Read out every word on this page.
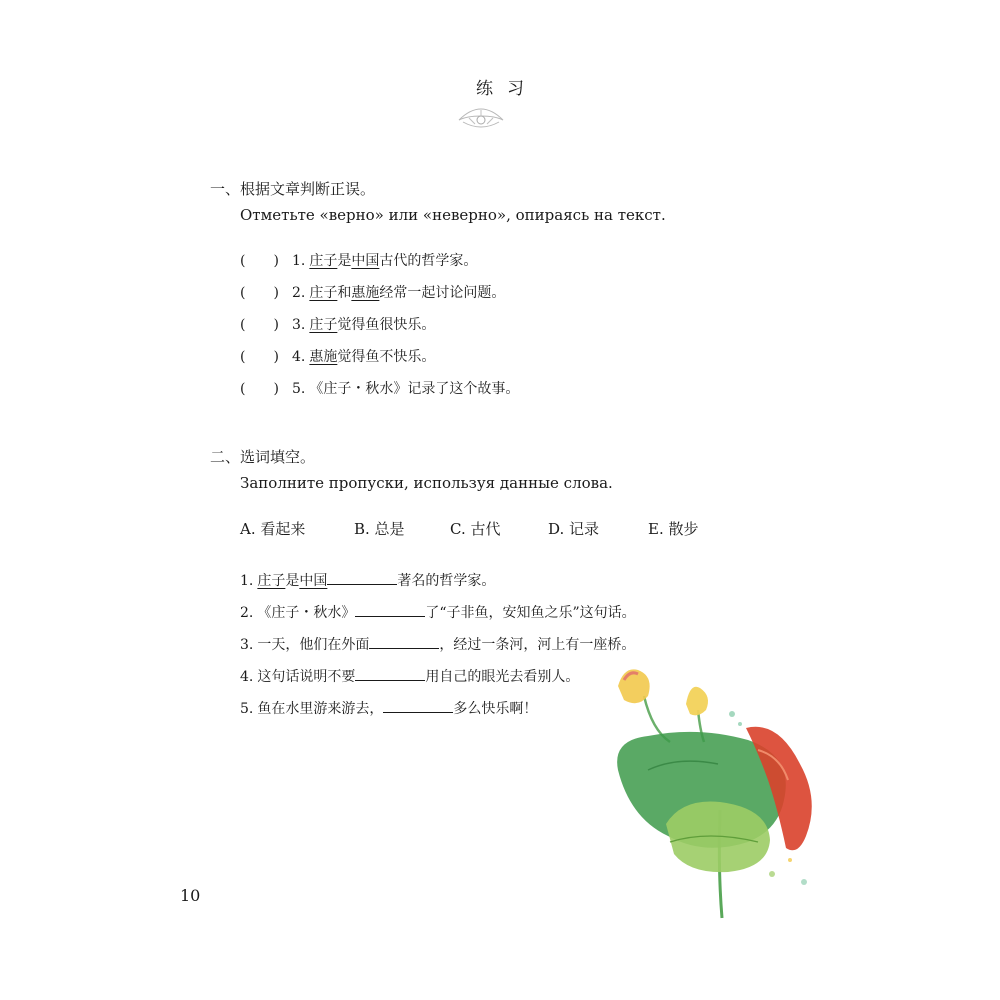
练习
一、根据文章判断正误。
Отметьте «верно» или «неверно», опираясь на текст.
(　　) 1. 庄子是中国古代的哲学家。
(　　) 2. 庄子和惠施经常一起讨论问题。
(　　) 3. 庄子觉得鱼很快乐。
(　　) 4. 惠施觉得鱼不快乐。
(　　) 5. 《庄子・秋水》记录了这个故事。
二、选词填空。
Заполните пропуски, используя данные слова.
A. 看起来	B. 总是	C. 古代	D. 记录	E. 散步
1. 庄子是中国	著名的哲学家。
2. 《庄子・秋水》	了“子非鱼，安知鱼之乐”这句话。
3. 一天，他们在外面	，经过一条河，河上有一座桥。
4. 这句话说明不要	用自己的眼光去看别人。
5. 鱼在水里游来游去，	多么快乐啊！
10
